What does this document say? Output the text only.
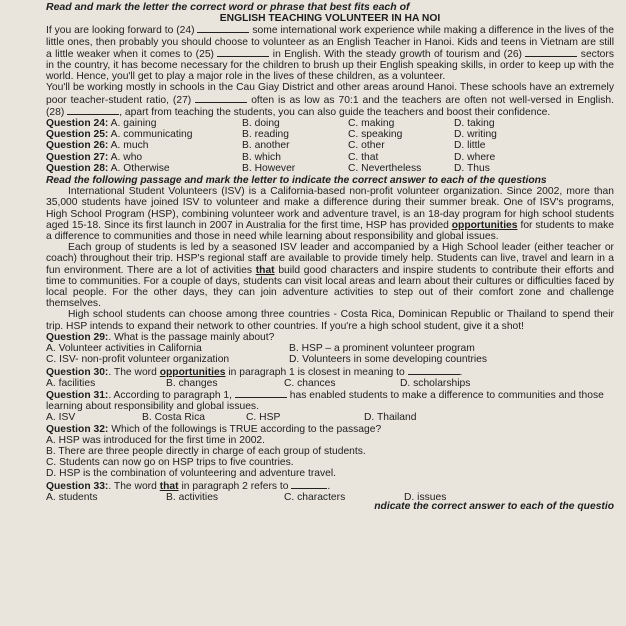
Read and mark the letter the correct word or phrase that best fits each of

ENGLISH TEACHING VOLUNTEER IN HA NOI

If you are looking forward to (24)	some international work experience while making a difference in the lives of the little ones, then probably you should choose to volunteer as an English Teacher in Hanoi. Kids and teens in Vietnam are still a little weaker when it comes to (25)	in English. With the steady growth of tourism and (26)	sectors in the country, it has become necessary for the children to brush up their English speaking skills, in order to keep up with the world. Hence, you'll get to play a major role in the lives of these children, as a volunteer.

You'll be working mostly in schools in the Cau Giay District and other areas around Hanoi. These schools have an extremely poor teacher-student ratio, (27)	often is as low as 70:1 and the teachers are often not well-versed in English. (28)	, apart from teaching the students, you can also guide the teachers and boost their confidence.

Question 24: A. gaining	B. doing	C. making	D. taking
Question 25: A. communicating	B. reading	C. speaking	D. writing
Question 26: A. much	B. another	C. other	D. little
Question 27: A. who	B. which	C. that	D. where
Question 28: A. Otherwise	B. However	C. Nevertheless	D. Thus

Read the following passage and mark the letter to indicate the correct answer to each of the questions

International Student Volunteers (ISV) is a California-based non-profit volunteer organization. Since 2002, more than 35,000 students have joined ISV to volunteer and make a difference during their summer break. One of ISV's programs, High School Program (HSP), combining volunteer work and adventure travel, is an 18-day program for high school students aged 15-18. Since its first launch in 2007 in Australia for the first time, HSP has provided opportunities for students to make a difference to communities and those in need while learning about responsibility and global issues.

Each group of students is led by a seasoned ISV leader and accompanied by a High School leader (either teacher or coach) throughout their trip. HSP's regional staff are available to provide timely help. Students can live, travel and learn in a fun environment. There are a lot of activities that build good characters and inspire students to contribute their efforts and time to communities. For a couple of days, students can visit local areas and learn about their cultures or difficulties faced by local people. For the other days, they can join adventure activities to step out of their comfort zone and challenge themselves.

High school students can choose among three countries - Costa Rica, Dominican Republic or Thailand to spend their trip. HSP intends to expand their network to other countries. If you're a high school student, give it a shot!

Question 29:. What is the passage mainly about?

A. Volunteer activities in California	B. HSP – a prominent volunteer program
C. ISV- non-profit volunteer organization	D. Volunteers in some developing countries

Question 30:. The word opportunities in paragraph 1 is closest in meaning to	.

A. facilities	B. changes	C. chances	D. scholarships

Question 31:. According to paragraph 1,	has enabled students to make a difference to communities and those learning about responsibility and global issues.

A. ISV	B. Costa Rica	C. HSP	D. Thailand

Question 32: Which of the followings is TRUE according to the passage?

A. HSP was introduced for the first time in 2002.

B. There are three people directly in charge of each group of students.

C. Students can now go on HSP trips to five countries.

D. HSP is the combination of volunteering and adventure travel.

Question 33:. The word that in paragraph 2 refers to	.

A. students	B. activities	C. characters	D. issues

ndicate the correct answer to each of the questio
